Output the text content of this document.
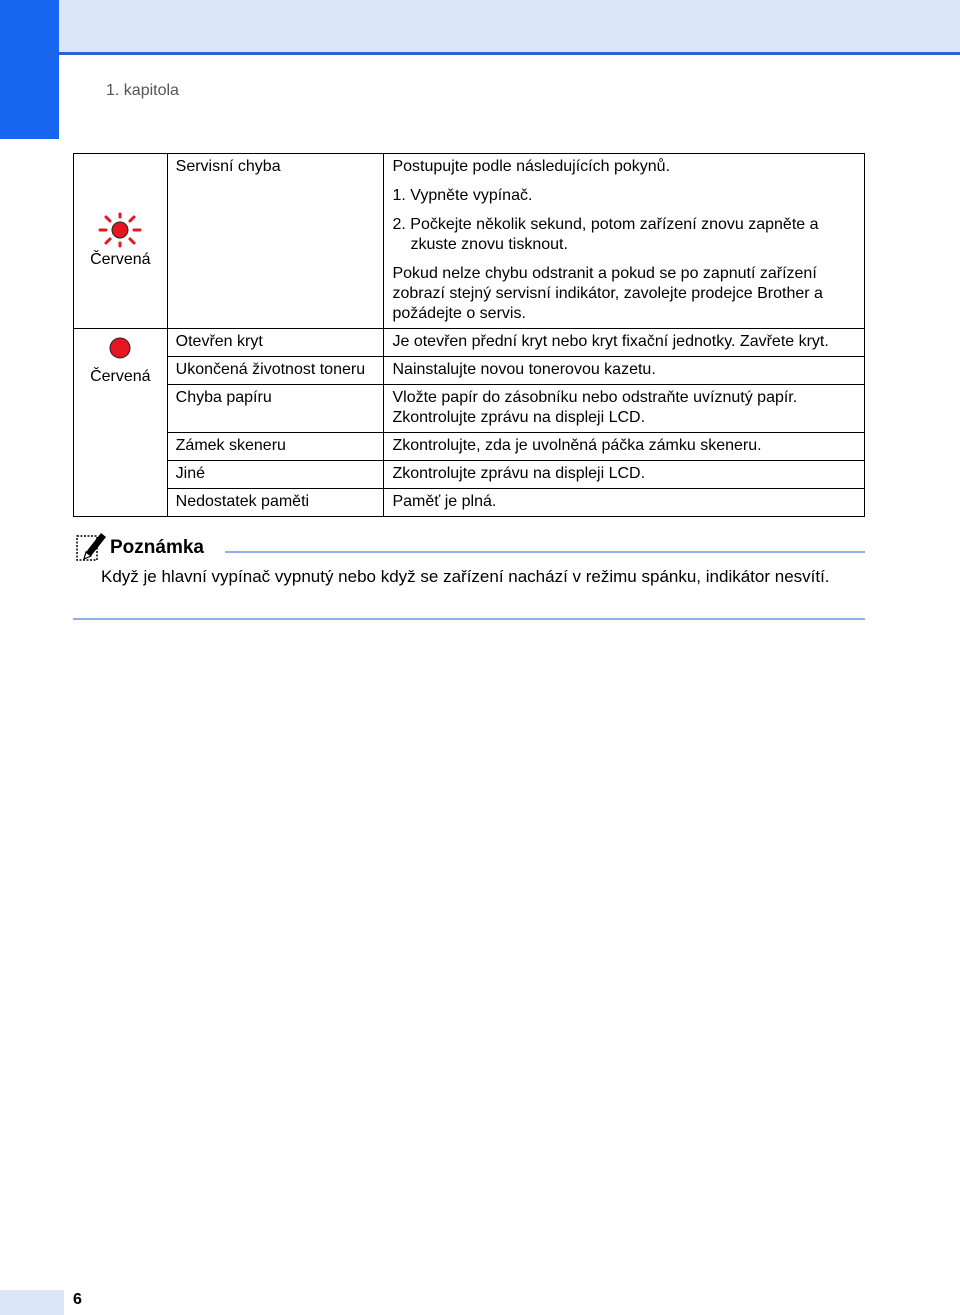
1. kapitola
Červená	Servisní chyba	Postupujte podle následujících pokynů.
1. Vypněte vypínač.
2. Počkejte několik sekund, potom zařízení znovu zapněte a zkuste znovu tisknout.
Pokud nelze chybu odstranit a pokud se po zapnutí zařízení zobrazí stejný servisní indikátor, zavolejte prodejce Brother a požádejte o servis.

Červená	Otevřen kryt	Je otevřen přední kryt nebo kryt fixační jednotky. Zavřete kryt.
	Ukončená životnost toneru	Nainstalujte novou tonerovou kazetu.
	Chyba papíru	Vložte papír do zásobníku nebo odstraňte uvíznutý papír. Zkontrolujte zprávu na displeji LCD.
	Zámek skeneru	Zkontrolujte, zda je uvolněná páčka zámku skeneru.
	Jiné	Zkontrolujte zprávu na displeji LCD.
	Nedostatek paměti	Paměť je plná.
Poznámka
Když je hlavní vypínač vypnutý nebo když se zařízení nachází v režimu spánku, indikátor nesvítí.
6
